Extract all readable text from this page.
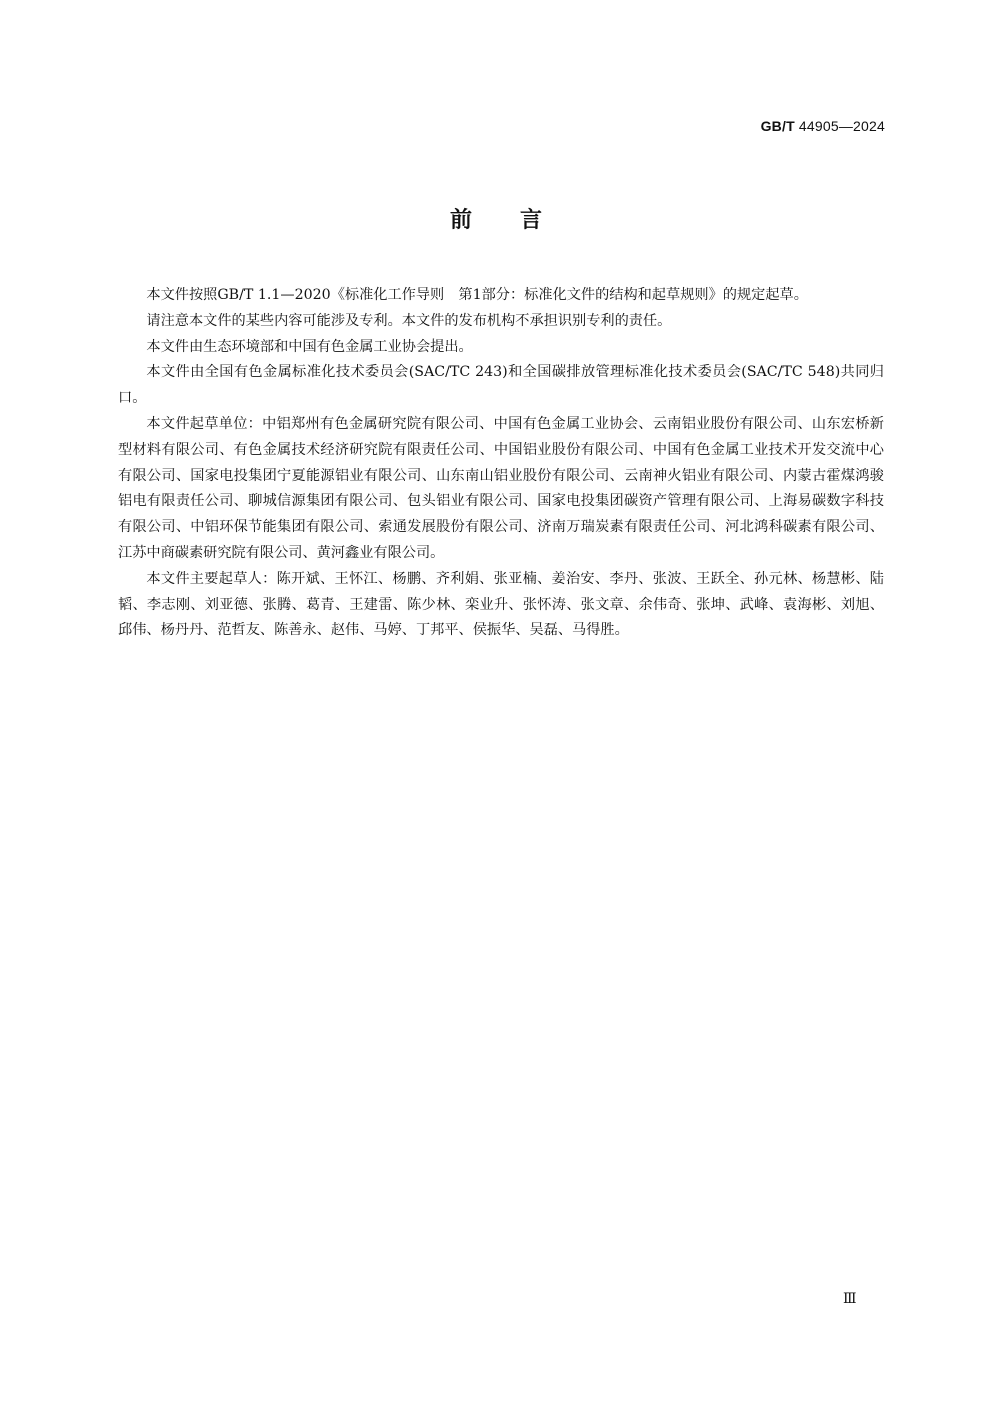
GB/T 44905—2024
前言

本文件按照GB/T 1.1—2020《标准化工作导则　第1部分：标准化文件的结构和起草规则》的规定起草。

请注意本文件的某些内容可能涉及专利。本文件的发布机构不承担识别专利的责任。

本文件由生态环境部和中国有色金属工业协会提出。

本文件由全国有色金属标准化技术委员会(SAC/TC 243)和全国碳排放管理标准化技术委员会(SAC/TC 548)共同归口。

本文件起草单位：中铝郑州有色金属研究院有限公司、中国有色金属工业协会、云南铝业股份有限公司、山东宏桥新型材料有限公司、有色金属技术经济研究院有限责任公司、中国铝业股份有限公司、中国有色金属工业技术开发交流中心有限公司、国家电投集团宁夏能源铝业有限公司、山东南山铝业股份有限公司、云南神火铝业有限公司、内蒙古霍煤鸿骏铝电有限责任公司、聊城信源集团有限公司、包头铝业有限公司、国家电投集团碳资产管理有限公司、上海易碳数字科技有限公司、中铝环保节能集团有限公司、索通发展股份有限公司、济南万瑞炭素有限责任公司、河北鸿科碳素有限公司、江苏中商碳素研究院有限公司、黄河鑫业有限公司。

本文件主要起草人：陈开斌、王怀江、杨鹏、齐利娟、张亚楠、姜治安、李丹、张波、王跃全、孙元林、杨慧彬、陆韬、李志刚、刘亚德、张腾、葛青、王建雷、陈少林、栾业升、张怀涛、张文章、余伟奇、张坤、武峰、袁海彬、刘旭、邱伟、杨丹丹、范哲友、陈善永、赵伟、马婷、丁邦平、侯振华、吴磊、马得胜。

Ⅲ
